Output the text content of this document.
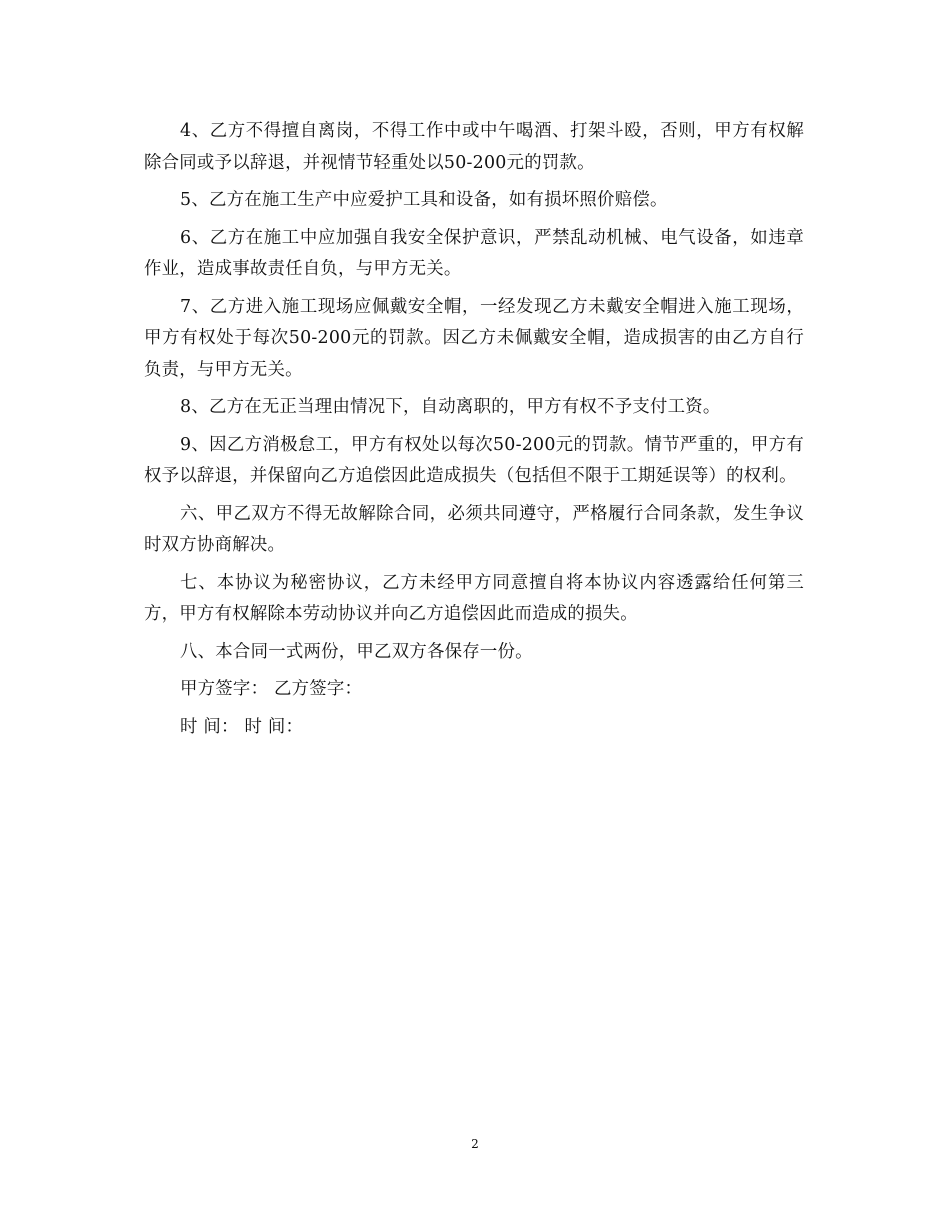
4、乙方不得擅自离岗，不得工作中或中午喝酒、打架斗殴，否则，甲方有权解除合同或予以辞退，并视情节轻重处以50-200元的罚款。

5、乙方在施工生产中应爱护工具和设备，如有损坏照价赔偿。

6、乙方在施工中应加强自我安全保护意识，严禁乱动机械、电气设备，如违章作业，造成事故责任自负，与甲方无关。

7、乙方进入施工现场应佩戴安全帽，一经发现乙方未戴安全帽进入施工现场，甲方有权处于每次50-200元的罚款。因乙方未佩戴安全帽，造成损害的由乙方自行负责，与甲方无关。

8、乙方在无正当理由情况下，自动离职的，甲方有权不予支付工资。

9、因乙方消极怠工，甲方有权处以每次50-200元的罚款。情节严重的，甲方有权予以辞退，并保留向乙方追偿因此造成损失（包括但不限于工期延误等）的权利。

六、甲乙双方不得无故解除合同，必须共同遵守，严格履行合同条款，发生争议时双方协商解决。

七、本协议为秘密协议，乙方未经甲方同意擅自将本协议内容透露给任何第三方，甲方有权解除本劳动协议并向乙方追偿因此而造成的损失。

八、本合同一式两份，甲乙双方各保存一份。

甲方签字： 乙方签字：

时 间： 时 间：

2
